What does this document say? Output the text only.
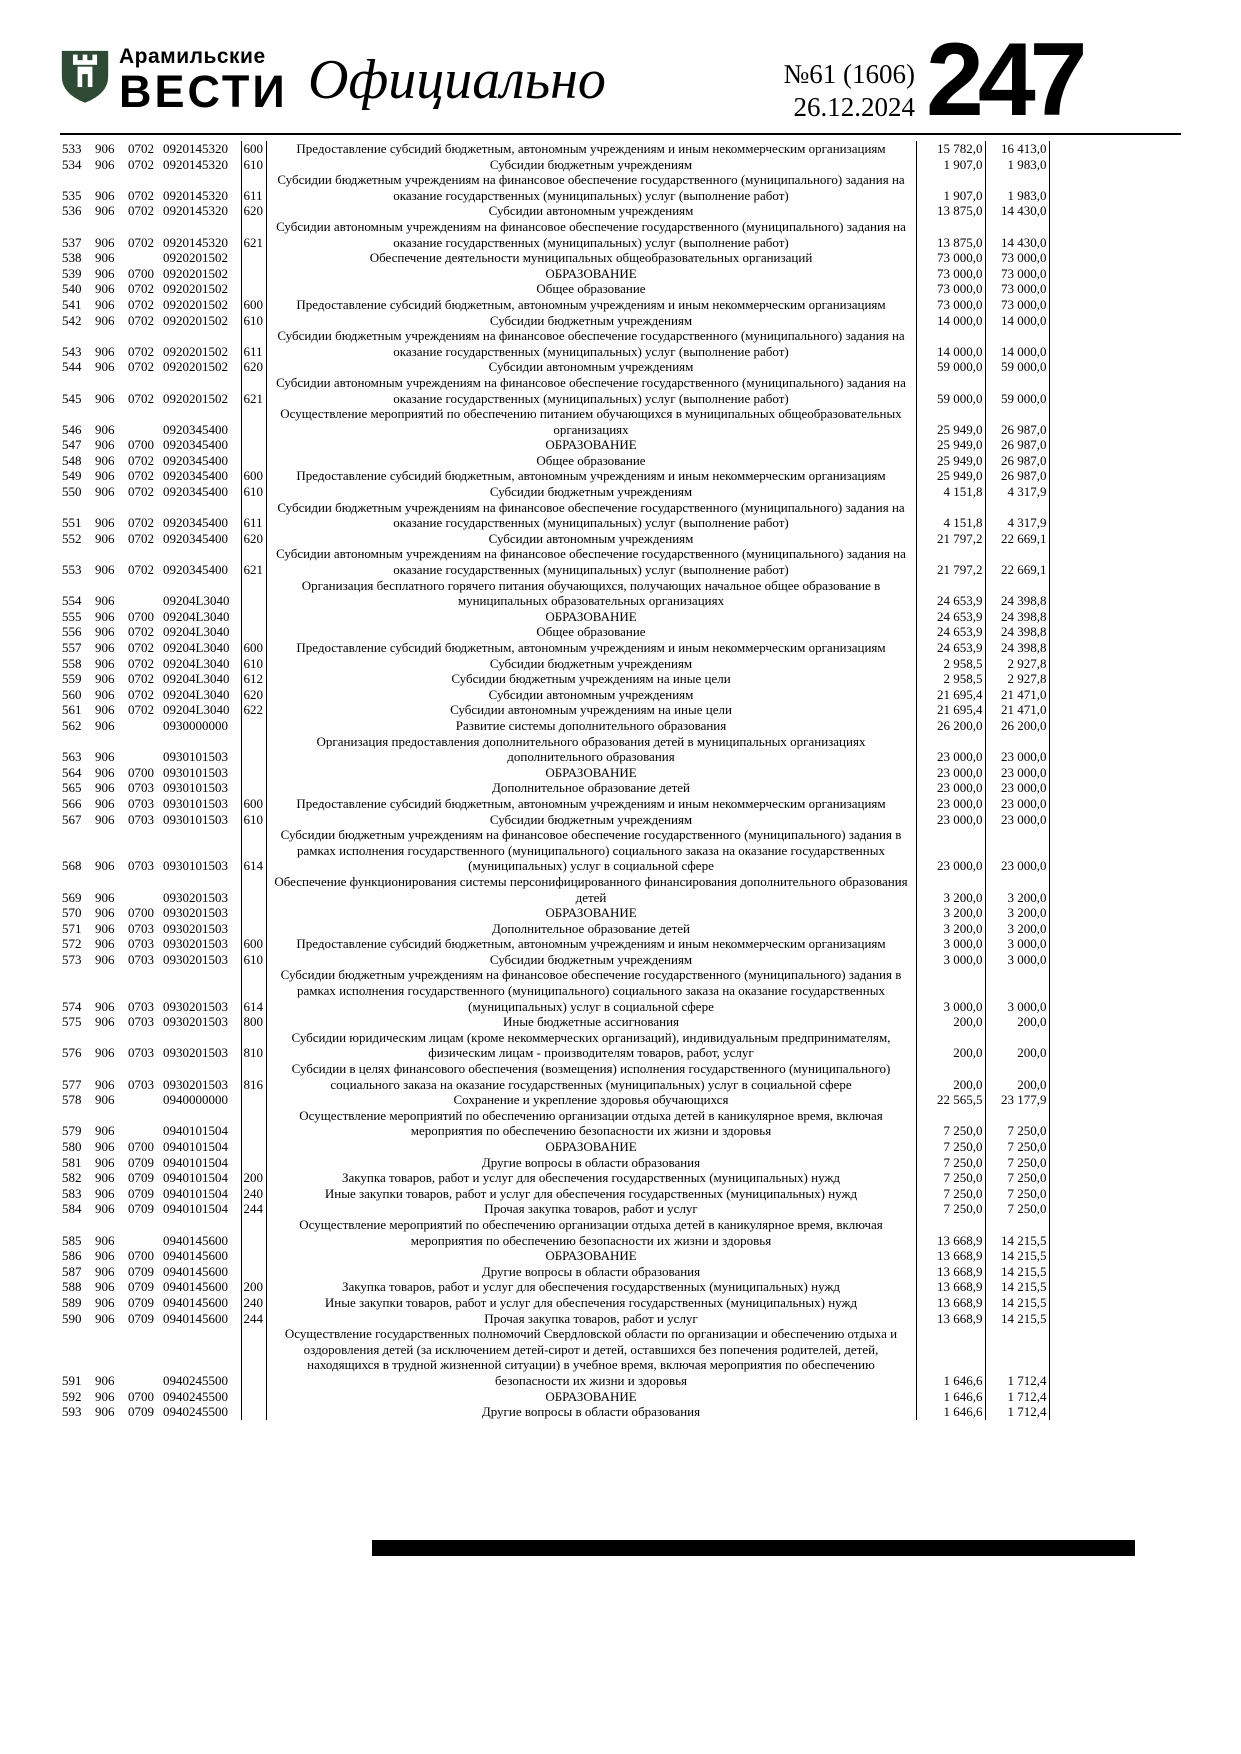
Арамильские
ВЕСТИ Официально	№61 (1606)
26.12.2024 247
533	906	0702	0920145320	600	Предоставление субсидий бюджетным, автономным учреждениям и иным некоммерческим организациям	15 782,0	16 413,0
534	906	0702	0920145320	610	Субсидии бюджетным учреждениям	1 907,0	1 983,0
535	906	0702	0920145320	611	Субсидии бюджетным учреждениям на финансовое обеспечение государственного (муниципального) задания на оказание государственных (муниципальных) услуг (выполнение работ)	1 907,0	1 983,0
536	906	0702	0920145320	620	Субсидии автономным учреждениям	13 875,0	14 430,0
537	906	0702	0920145320	621	Субсидии автономным учреждениям на финансовое обеспечение государственного (муниципального) задания на оказание государственных (муниципальных) услуг (выполнение работ)	13 875,0	14 430,0
538	906		0920201502		Обеспечение деятельности муниципальных общеобразовательных организаций	73 000,0	73 000,0
539	906	0700	0920201502		ОБРАЗОВАНИЕ	73 000,0	73 000,0
540	906	0702	0920201502		Общее образование	73 000,0	73 000,0
541	906	0702	0920201502	600	Предоставление субсидий бюджетным, автономным учреждениям и иным некоммерческим организациям	73 000,0	73 000,0
542	906	0702	0920201502	610	Субсидии бюджетным учреждениям	14 000,0	14 000,0
543	906	0702	0920201502	611	Субсидии бюджетным учреждениям на финансовое обеспечение государственного (муниципального) задания на оказание государственных (муниципальных) услуг (выполнение работ)	14 000,0	14 000,0
544	906	0702	0920201502	620	Субсидии автономным учреждениям	59 000,0	59 000,0
545	906	0702	0920201502	621	Субсидии автономным учреждениям на финансовое обеспечение государственного (муниципального) задания на оказание государственных (муниципальных) услуг (выполнение работ)	59 000,0	59 000,0
546	906		0920345400		Осуществление мероприятий по обеспечению питанием обучающихся в муниципальных общеобразовательных организациях	25 949,0	26 987,0
547	906	0700	0920345400		ОБРАЗОВАНИЕ	25 949,0	26 987,0
548	906	0702	0920345400		Общее образование	25 949,0	26 987,0
549	906	0702	0920345400	600	Предоставление субсидий бюджетным, автономным учреждениям и иным некоммерческим организациям	25 949,0	26 987,0
550	906	0702	0920345400	610	Субсидии бюджетным учреждениям	4 151,8	4 317,9
551	906	0702	0920345400	611	Субсидии бюджетным учреждениям на финансовое обеспечение государственного (муниципального) задания на оказание государственных (муниципальных) услуг (выполнение работ)	4 151,8	4 317,9
552	906	0702	0920345400	620	Субсидии автономным учреждениям	21 797,2	22 669,1
553	906	0702	0920345400	621	Субсидии автономным учреждениям на финансовое обеспечение государственного (муниципального) задания на оказание государственных (муниципальных) услуг (выполнение работ)	21 797,2	22 669,1
554	906		09204L3040		Организация бесплатного горячего питания обучающихся, получающих начальное общее образование в муниципальных образовательных организациях	24 653,9	24 398,8
555	906	0700	09204L3040		ОБРАЗОВАНИЕ	24 653,9	24 398,8
556	906	0702	09204L3040		Общее образование	24 653,9	24 398,8
557	906	0702	09204L3040	600	Предоставление субсидий бюджетным, автономным учреждениям и иным некоммерческим организациям	24 653,9	24 398,8
558	906	0702	09204L3040	610	Субсидии бюджетным учреждениям	2 958,5	2 927,8
559	906	0702	09204L3040	612	Субсидии бюджетным учреждениям на иные цели	2 958,5	2 927,8
560	906	0702	09204L3040	620	Субсидии автономным учреждениям	21 695,4	21 471,0
561	906	0702	09204L3040	622	Субсидии автономным учреждениям на иные цели	21 695,4	21 471,0
562	906		0930000000		Развитие системы дополнительного образования	26 200,0	26 200,0
563	906		0930101503		Организация предоставления дополнительного образования детей в муниципальных организациях дополнительного образования	23 000,0	23 000,0
564	906	0700	0930101503		ОБРАЗОВАНИЕ	23 000,0	23 000,0
565	906	0703	0930101503		Дополнительное образование детей	23 000,0	23 000,0
566	906	0703	0930101503	600	Предоставление субсидий бюджетным, автономным учреждениям и иным некоммерческим организациям	23 000,0	23 000,0
567	906	0703	0930101503	610	Субсидии бюджетным учреждениям	23 000,0	23 000,0
568	906	0703	0930101503	614	Субсидии бюджетным учреждениям на финансовое обеспечение государственного (муниципального) задания в рамках исполнения государственного (муниципального) социального заказа на оказание государственных (муниципальных) услуг в социальной сфере	23 000,0	23 000,0
569	906		0930201503		Обеспечение функционирования системы персонифицированного финансирования дополнительного образования детей	3 200,0	3 200,0
570	906	0700	0930201503		ОБРАЗОВАНИЕ	3 200,0	3 200,0
571	906	0703	0930201503		Дополнительное образование детей	3 200,0	3 200,0
572	906	0703	0930201503	600	Предоставление субсидий бюджетным, автономным учреждениям и иным некоммерческим организациям	3 000,0	3 000,0
573	906	0703	0930201503	610	Субсидии бюджетным учреждениям	3 000,0	3 000,0
574	906	0703	0930201503	614	Субсидии бюджетным учреждениям на финансовое обеспечение государственного (муниципального) задания в рамках исполнения государственного (муниципального) социального заказа на оказание государственных (муниципальных) услуг в социальной сфере	3 000,0	3 000,0
575	906	0703	0930201503	800	Иные бюджетные ассигнования	200,0	200,0
576	906	0703	0930201503	810	Субсидии юридическим лицам (кроме некоммерческих организаций), индивидуальным предпринимателям, физическим лицам - производителям товаров, работ, услуг	200,0	200,0
577	906	0703	0930201503	816	Субсидии в целях финансового обеспечения (возмещения) исполнения государственного (муниципального) социального заказа на оказание государственных (муниципальных) услуг в социальной сфере	200,0	200,0
578	906		0940000000		Сохранение и укрепление здоровья обучающихся	22 565,5	23 177,9
579	906		0940101504		Осуществление мероприятий по обеспечению организации отдыха детей в каникулярное время, включая мероприятия по обеспечению безопасности их жизни и здоровья	7 250,0	7 250,0
580	906	0700	0940101504		ОБРАЗОВАНИЕ	7 250,0	7 250,0
581	906	0709	0940101504		Другие вопросы в области образования	7 250,0	7 250,0
582	906	0709	0940101504	200	Закупка товаров, работ и услуг для обеспечения государственных (муниципальных) нужд	7 250,0	7 250,0
583	906	0709	0940101504	240	Иные закупки товаров, работ и услуг для обеспечения государственных (муниципальных) нужд	7 250,0	7 250,0
584	906	0709	0940101504	244	Прочая закупка товаров, работ и услуг	7 250,0	7 250,0
585	906		0940145600		Осуществление мероприятий по обеспечению организации отдыха детей в каникулярное время, включая мероприятия по обеспечению безопасности их жизни и здоровья	13 668,9	14 215,5
586	906	0700	0940145600		ОБРАЗОВАНИЕ	13 668,9	14 215,5
587	906	0709	0940145600		Другие вопросы в области образования	13 668,9	14 215,5
588	906	0709	0940145600	200	Закупка товаров, работ и услуг для обеспечения государственных (муниципальных) нужд	13 668,9	14 215,5
589	906	0709	0940145600	240	Иные закупки товаров, работ и услуг для обеспечения государственных (муниципальных) нужд	13 668,9	14 215,5
590	906	0709	0940145600	244	Прочая закупка товаров, работ и услуг	13 668,9	14 215,5
591	906		0940245500		Осуществление государственных полномочий Свердловской области по организации и обеспечению отдыха и оздоровления детей (за исключением детей-сирот и детей, оставшихся без попечения родителей, детей, находящихся в трудной жизненной ситуации) в учебное время, включая мероприятия по обеспечению безопасности их жизни и здоровья	1 646,6	1 712,4
592	906	0700	0940245500		ОБРАЗОВАНИЕ	1 646,6	1 712,4
593	906	0709	0940245500		Другие вопросы в области образования	1 646,6	1 712,4
